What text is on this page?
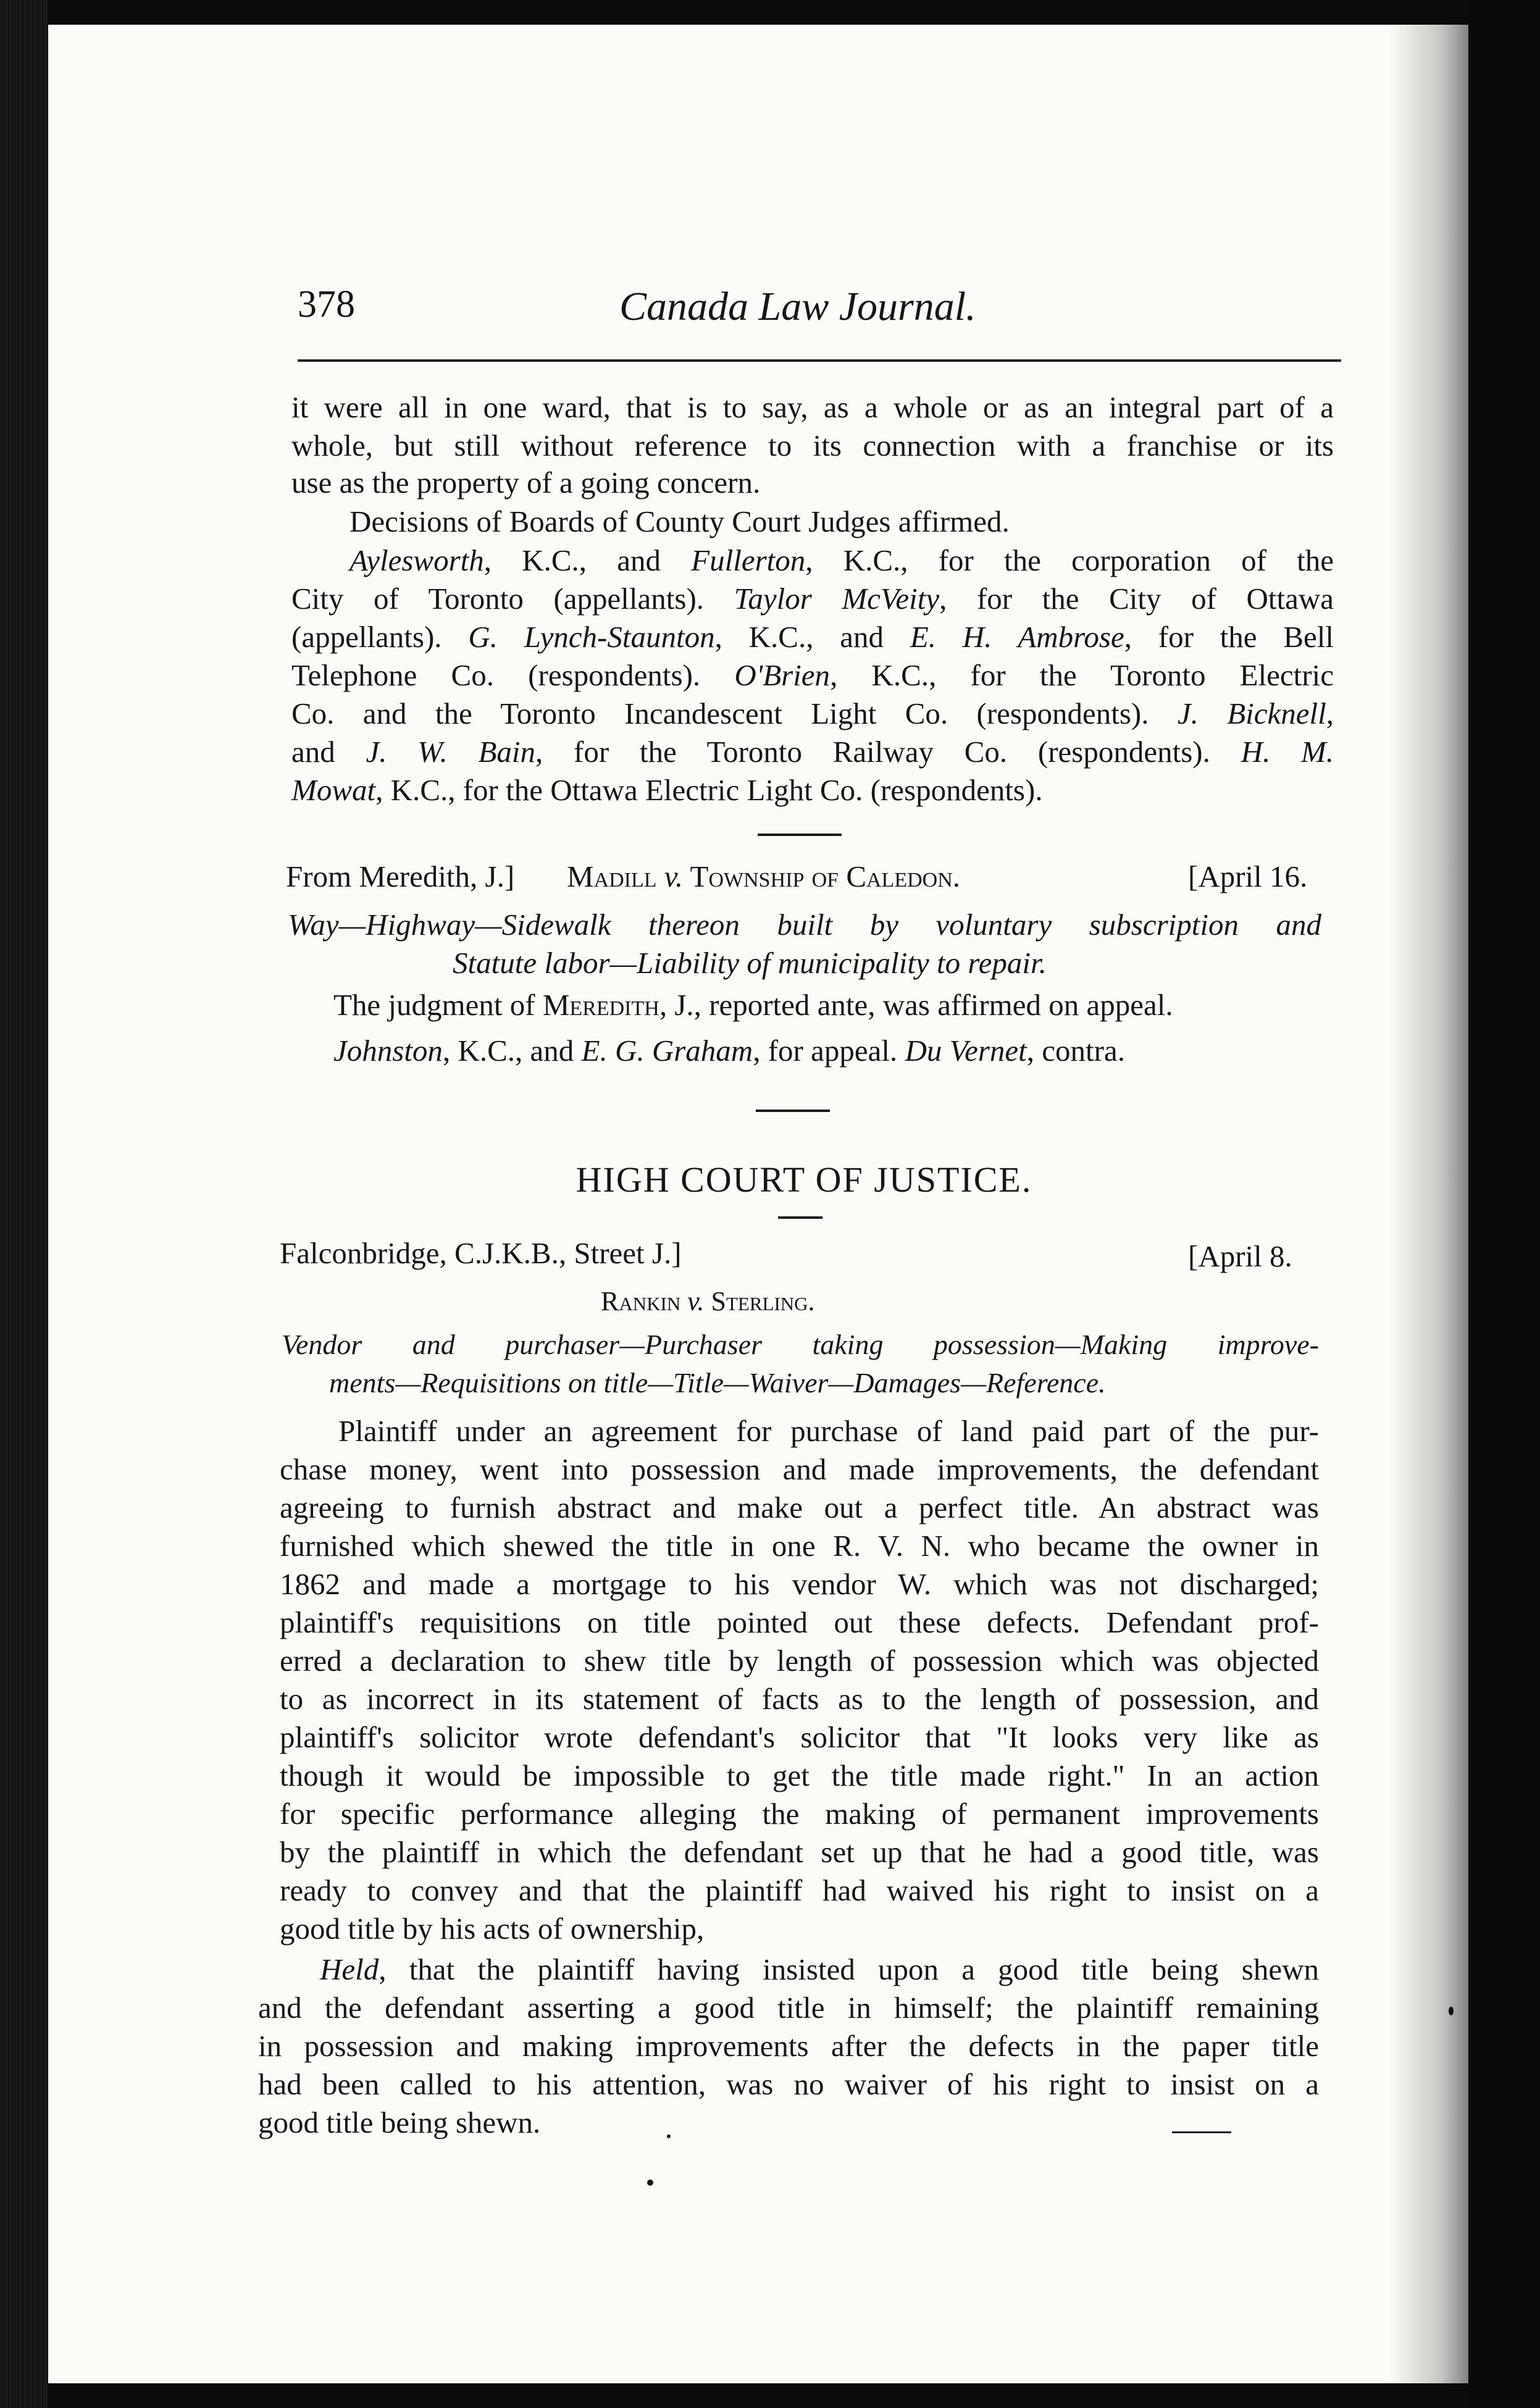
378	Canada Law Journal.
it were all in one ward, that is to say, as a whole or as an integral part of a
whole, but still without reference to its connection with a franchise or its
use as the property of a going concern.
Decisions of Boards of County Court Judges affirmed.
Aylesworth, K.C., and Fullerton, K.C., for the corporation of the
City of Toronto (appellants). Taylor McVeity, for the City of Ottawa
(appellants). G. Lynch-Staunton, K.C., and E. H. Ambrose, for the Bell
Telephone Co. (respondents). O'Brien, K.C., for the Toronto Electric
Co. and the Toronto Incandescent Light Co. (respondents). J. Bicknell,
and J. W. Bain, for the Toronto Railway Co. (respondents). H. M.
Mowat, K.C., for the Ottawa Electric Light Co. (respondents).
From Meredith, J.] Madill v. Township of Caledon.	[April 16.
Way—Highway—Sidewalk thereon built by voluntary subscription and
Statute labor—Liability of municipality to repair.
The judgment of Meredith, J., reported ante, was affirmed on appeal.
Johnston, K.C., and E. G. Graham, for appeal. Du Vernet, contra.
HIGH COURT OF JUSTICE.
Falconbridge, C.J.K.B., Street J.]	[April 8.
Rankin v. Sterling.
Vendor and purchaser—Purchaser taking possession—Making improve-
ments—Requisitions on title—Title—Waiver—Damages—Reference.
Plaintiff under an agreement for purchase of land paid part of the pur-
chase money, went into possession and made improvements, the defendant
agreeing to furnish abstract and make out a perfect title. An abstract was
furnished which shewed the title in one R. V. N. who became the owner in
1862 and made a mortgage to his vendor W. which was not discharged;
plaintiff's requisitions on title pointed out these defects. Defendant prof-
erred a declaration to shew title by length of possession which was objected
to as incorrect in its statement of facts as to the length of possession, and
plaintiff's solicitor wrote defendant's solicitor that "It looks very like as
though it would be impossible to get the title made right." In an action
for specific performance alleging the making of permanent improvements
by the plaintiff in which the defendant set up that he had a good title, was
ready to convey and that the plaintiff had waived his right to insist on a
good title by his acts of ownership,
Held, that the plaintiff having insisted upon a good title being shewn
and the defendant asserting a good title in himself; the plaintiff remaining
in possession and making improvements after the defects in the paper title
had been called to his attention, was no waiver of his right to insist on a
good title being shewn.
